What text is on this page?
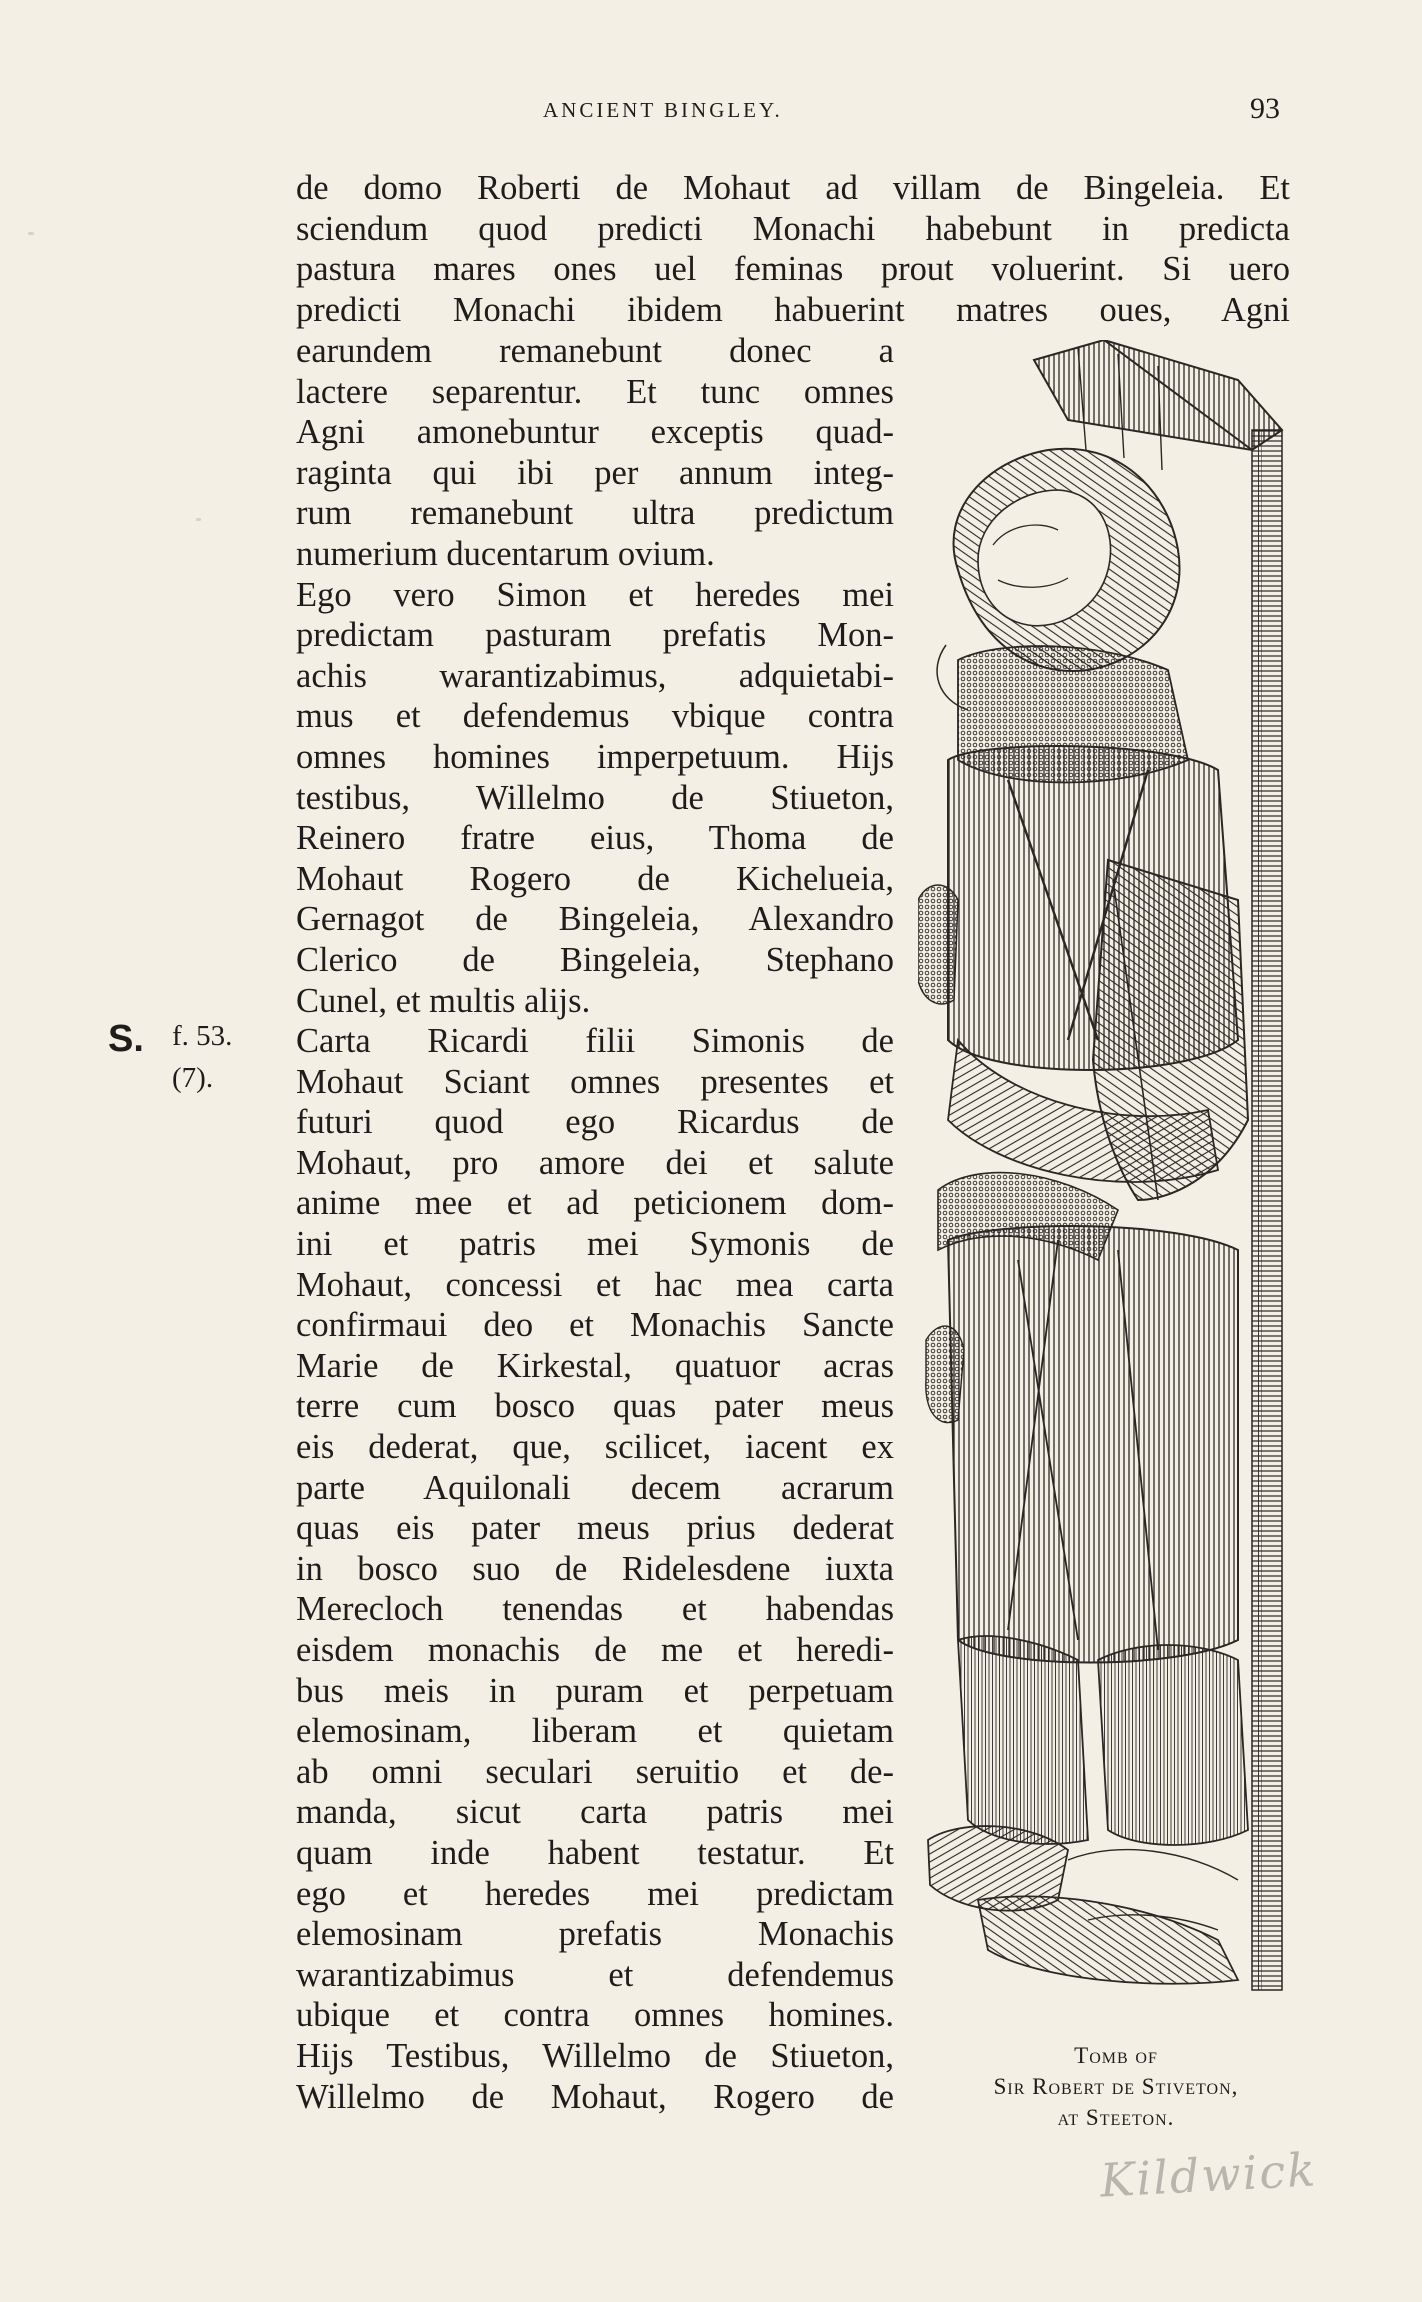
ANCIENT BINGLEY.	93
de domo Roberti de Mohaut ad villam de Bingeleia. Et
sciendum quod predicti Monachi habebunt in predicta
pastura mares ones uel feminas prout voluerint. Si uero
predicti Monachi ibidem habuerint matres oues, Agni
earundem remanebunt donec a
lactere separentur. Et tunc omnes
Agni amonebuntur exceptis quad-
raginta qui ibi per annum integ-
rum remanebunt ultra predictum
numerium ducentarum ovium.
Ego vero Simon et heredes mei
predictam pasturam prefatis Mon-
achis warantizabimus, adquietabi-
mus et defendemus vbique contra
omnes homines imperpetuum. Hijs
testibus, Willelmo de Stiueton,
Reinero fratre eius, Thoma de
Mohaut Rogero de Kichelueia,
Gernagot de Bingeleia, Alexandro
Clerico de Bingeleia, Stephano
Cunel, et multis alijs.
Carta Ricardi filii Simonis de
Mohaut Sciant omnes presentes et
futuri quod ego Ricardus de
Mohaut, pro amore dei et salute
anime mee et ad peticionem dom-
ini et patris mei Symonis de
Mohaut, concessi et hac mea carta
confirmaui deo et Monachis Sancte
Marie de Kirkestal, quatuor acras
terre cum bosco quas pater meus
eis dederat, que, scilicet, iacent ex
parte Aquilonali decem acrarum
quas eis pater meus prius dederat
in bosco suo de Ridelesdene iuxta
Merecloch tenendas et habendas
eisdem monachis de me et heredi-
bus meis in puram et perpetuam
elemosinam, liberam et quietam
ab omni seculari seruitio et de-
manda, sicut carta patris mei
quam inde habent testatur. Et
ego et heredes mei predictam
elemosinam prefatis Monachis
warantizabimus et defendemus
ubique et contra omnes homines.
Hijs Testibus, Willelmo de Stiueton,
Willelmo de Mohaut, Rogero de
S. f. 53.
(7).
Tomb of
Sir Robert de Stiveton,
at Steeton.
Kildwick
